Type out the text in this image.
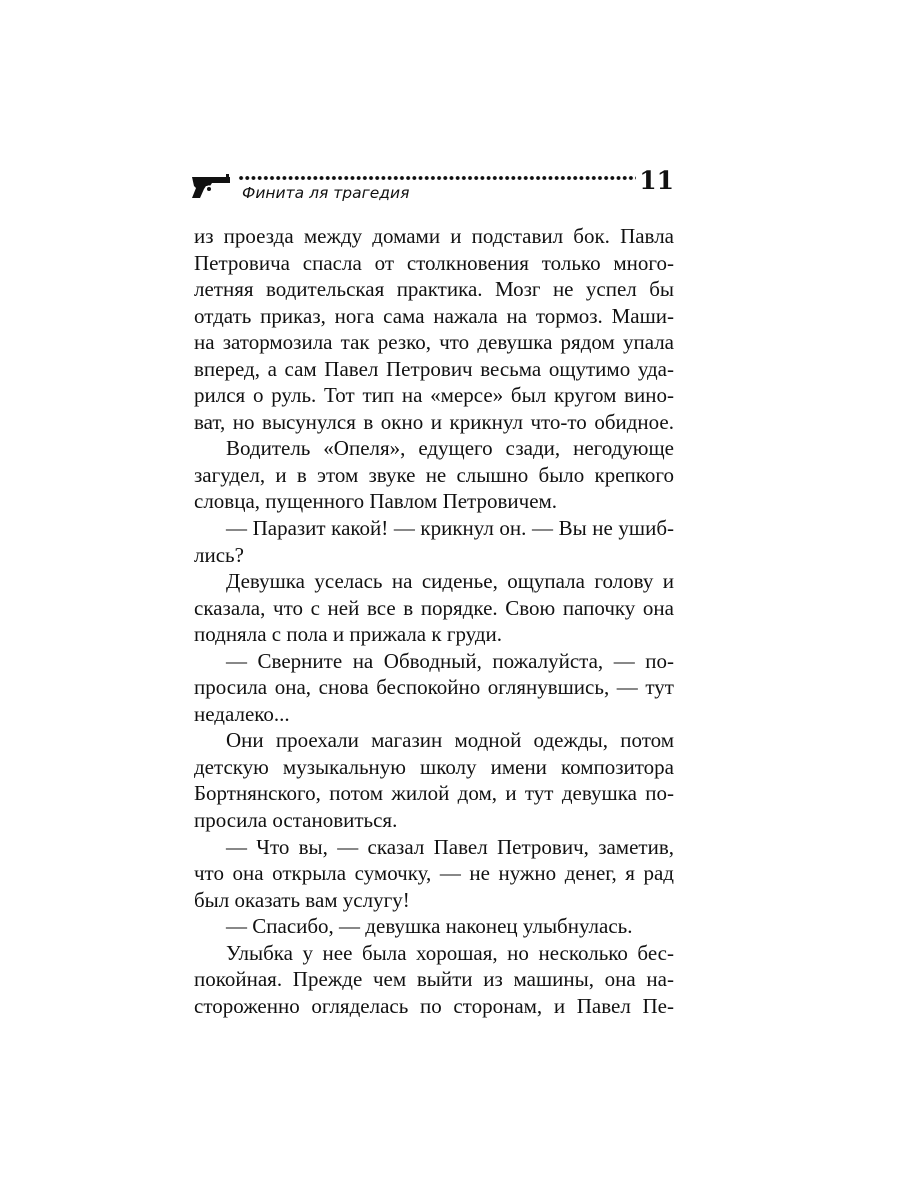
Финита ля трагедия	11
из проезда между домами и подставил бок. Павла
Петровича спасла от столкновения только много-
летняя водительская практика. Мозг не успел бы
отдать приказ, нога сама нажала на тормоз. Маши-
на затормозила так резко, что девушка рядом упала
вперед, а сам Павел Петрович весьма ощутимо уда-
рился о руль. Тот тип на «мерсе» был кругом вино-
ват, но высунулся в окно и крикнул что-то обидное.
Водитель «Опеля», едущего сзади, негодующе
загудел, и в этом звуке не слышно было крепкого
словца, пущенного Павлом Петровичем.
— Паразит какой! — крикнул он. — Вы не ушиб-
лись?
Девушка уселась на сиденье, ощупала голову и
сказала, что с ней все в порядке. Свою папочку она
подняла с пола и прижала к груди.
— Сверните на Обводный, пожалуйста, — по-
просила она, снова беспокойно оглянувшись, — тут
недалеко...
Они проехали магазин модной одежды, потом
детскую музыкальную школу имени композитора
Бортнянского, потом жилой дом, и тут девушка по-
просила остановиться.
— Что вы, — сказал Павел Петрович, заметив,
что она открыла сумочку, — не нужно денег, я рад
был оказать вам услугу!
— Спасибо, — девушка наконец улыбнулась.
Улыбка у нее была хорошая, но несколько бес-
покойная. Прежде чем выйти из машины, она на-
стороженно огляделась по сторонам, и Павел Пе-
